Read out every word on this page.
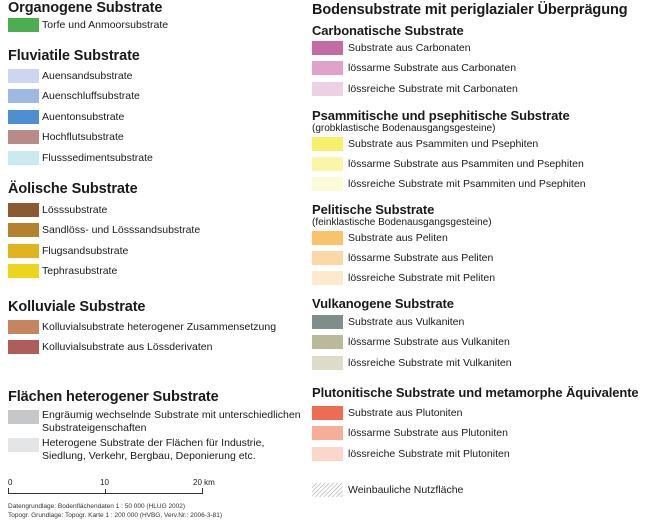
Organogene Substrate
Torfe und Anmoorsubstrate
Fluviatile Substrate
Auensandsubstrate
Auenschluffsubstrate
Auentonsubstrate
Hochflutsubstrate
Flusssedimentsubstrate
Äolische Substrate
Lösssubstrate
Sandlöss- und Lösssandsubstrate
Flugsandsubstrate
Tephrasubstrate
Kolluviale Substrate
Kolluvialsubstrate heterogener Zusammensetzung
Kolluvialsubstrate aus Lössderivaten
Flächen heterogener Substrate
Engräumig wechselnde Substrate mit unterschiedlichen
Substrateigenschaften
Heterogene Substrate der Flächen für Industrie,
Siedlung, Verkehr, Bergbau, Deponierung etc.
0	10	20 km
Datengrundlage: Bodenflächendaten 1 : 50 000 (HLUG 2002)
Topogr. Grundlage: Topogr. Karte 1 : 200 000 (HVBG, Verv.Nr.: 2006-3-81)
Bodensubstrate mit periglazialer Überprägung
Carbonatische Substrate
Substrate aus Carbonaten
lössarme Substrate aus Carbonaten
lössreiche Substrate mit Carbonaten
Psammitische und psephitische Substrate
(grobklastische Bodenausgangsgesteine)
Substrate aus Psammiten und Psephiten
lössarme Substrate aus Psammiten und Psephiten
lössreiche Substrate mit Psammiten und Psephiten
Pelitische Substrate
(feinklastische Bodenausgangsgesteine)
Substrate aus Peliten
lössarme Substrate aus Peliten
lössreiche Substrate mit Peliten
Vulkanogene Substrate
Substrate aus Vulkaniten
lössarme Substrate aus Vulkaniten
lössreiche Substrate mit Vulkaniten
Plutonitische Substrate und metamorphe Äquivalente
Substrate aus Plutoniten
lössarme Substrate aus Plutoniten
lössreiche Substrate mit Plutoniten
Weinbauliche Nutzfläche
